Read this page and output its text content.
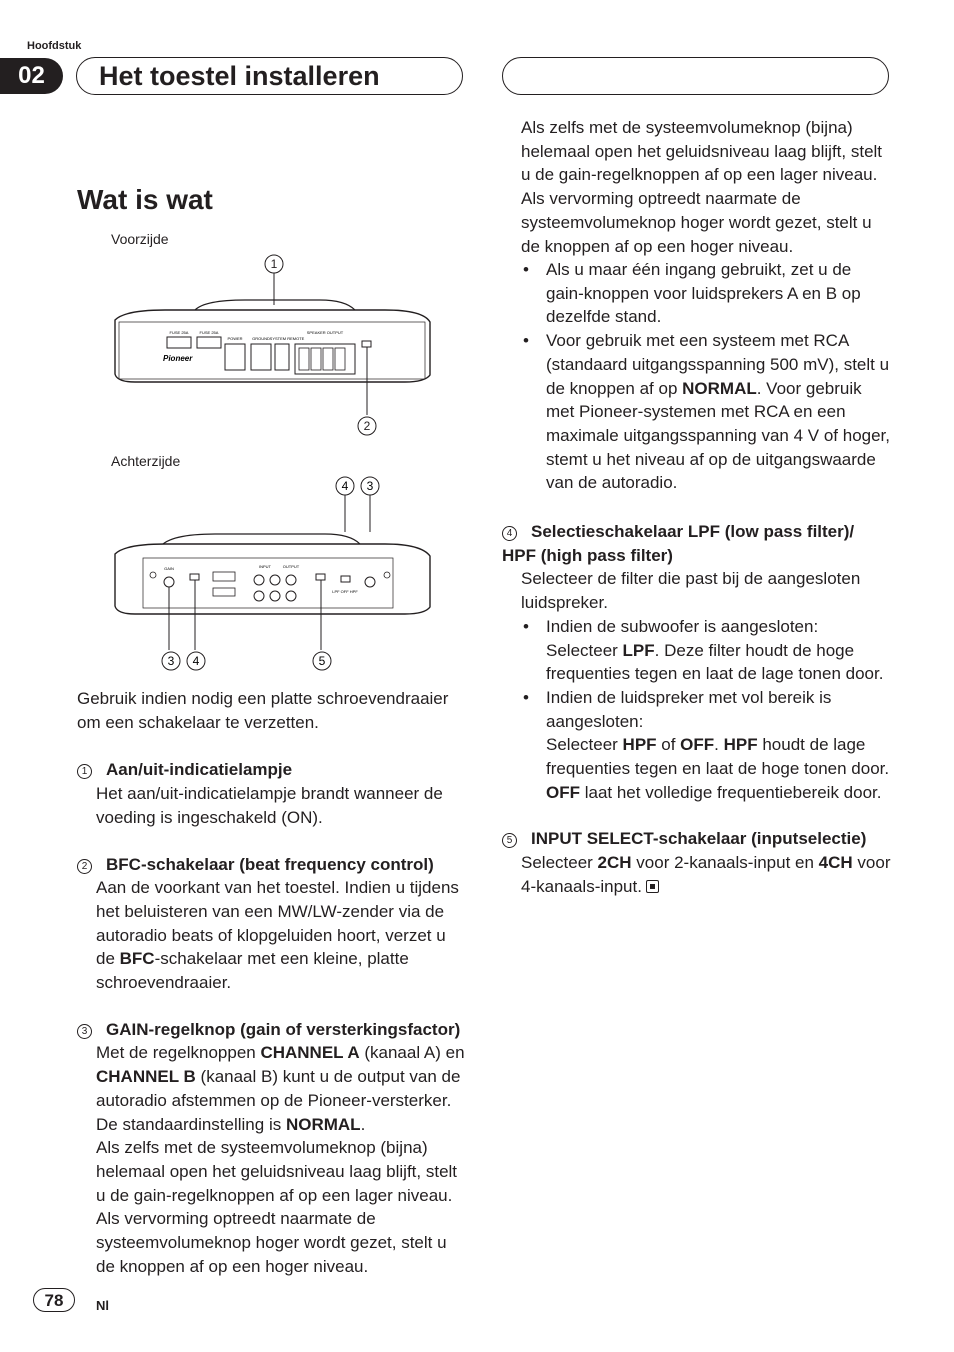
Hoofdstuk
02	Het toestel installeren
Wat is wat
Voorzijde
Achterzijde
1
FUSE 25A	FUSE 25A
Pioneer
POWER GROUND SYSTEM REMOTE
SPEAKER OUTPUT
2
4 3
GAIN	INPUT	OUTPUT
LPF OFF HPF
3 4	5

Gebruik indien nodig een platte schroevendraaier om een schakelaar te verzetten.

1 Aan/uit-indicatielampje

Het aan/uit-indicatielampje brandt wanneer de voeding is ingeschakeld (ON).

2 BFC-schakelaar (beat frequency control)

Aan de voorkant van het toestel. Indien u tijdens het beluisteren van een MW/LW-zender via de autoradio beats of klopgeluiden hoort, verzet u de BFC-schakelaar met een kleine, platte schroevendraaier.

3 GAIN-regelknop (gain of versterkingsfactor)

Met de regelknoppen CHANNEL A (kanaal A) en CHANNEL B (kanaal B) kunt u de output van de autoradio afstemmen op de Pioneer-versterker. De standaardinstelling is NORMAL.

Als zelfs met de systeemvolumeknop (bijna) helemaal open het geluidsniveau laag blijft, stelt u de gain-regelknoppen af op een lager niveau. Als vervorming optreedt naarmate de systeemvolumeknop hoger wordt gezet, stelt u de knoppen af op een hoger niveau.

Als zelfs met de systeemvolumeknop (bijna) helemaal open het geluidsniveau laag blijft, stelt u de gain-regelknoppen af op een lager niveau. Als vervorming optreedt naarmate de systeemvolumeknop hoger wordt gezet, stelt u de knoppen af op een hoger niveau.

• Als u maar één ingang gebruikt, zet u de gain-knoppen voor luidsprekers A en B op dezelfde stand.

• Voor gebruik met een systeem met RCA (standaard uitgangsspanning 500 mV), stelt u de knoppen af op NORMAL. Voor gebruik met Pioneer-systemen met RCA en een maximale uitgangsspanning van 4 V of hoger, stemt u het niveau af op de uitgangswaarde van de autoradio.

4 Selectieschakelaar LPF (low pass filter)/ HPF (high pass filter)

Selecteer de filter die past bij de aangesloten luidspreker.

• Indien de subwoofer is aangesloten:
Selecteer LPF. Deze filter houdt de hoge frequenties tegen en laat de lage tonen door.

• Indien de luidspreker met vol bereik is aangesloten:
Selecteer HPF of OFF. HPF houdt de lage frequenties tegen en laat de hoge tonen door. OFF laat het volledige frequentiebereik door.

5 INPUT SELECT-schakelaar (inputselectie)

Selecteer 2CH voor 2-kanaals-input en 4CH voor 4-kanaals-input.

78	Nl
